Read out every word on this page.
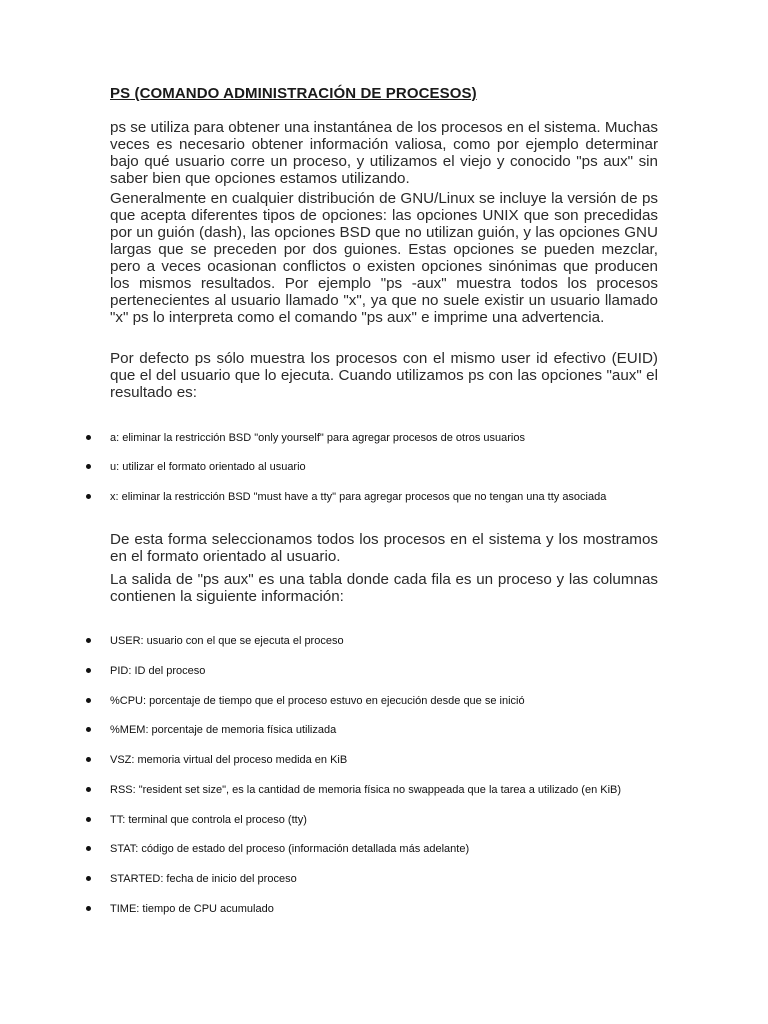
PS (COMANDO ADMINISTRACIÓN DE PROCESOS)
ps se utiliza para obtener una instantánea de los procesos en el sistema. Muchas veces es necesario obtener información valiosa, como por ejemplo determinar bajo qué usuario corre un proceso, y utilizamos el viejo y conocido "ps aux" sin saber bien que opciones estamos utilizando.
Generalmente en cualquier distribución de GNU/Linux se incluye la versión de ps que acepta diferentes tipos de opciones: las opciones UNIX que son precedidas por un guión (dash), las opciones BSD que no utilizan guión, y las opciones GNU largas que se preceden por dos guiones. Estas opciones se pueden mezclar, pero a veces ocasionan conflictos o existen opciones sinónimas que producen los mismos resultados. Por ejemplo "ps -aux" muestra todos los procesos pertenecientes al usuario llamado "x", ya que no suele existir un usuario llamado "x" ps lo interpreta como el comando "ps aux" e imprime una advertencia.
Por defecto ps sólo muestra los procesos con el mismo user id efectivo (EUID) que el del usuario que lo ejecuta. Cuando utilizamos ps con las opciones "aux" el resultado es:
a: eliminar la restricción BSD "only yourself" para agregar procesos de otros usuarios
u: utilizar el formato orientado al usuario
x: eliminar la restricción BSD "must have a tty" para agregar procesos que no tengan una tty asociada
De esta forma seleccionamos todos los procesos en el sistema y los mostramos en el formato orientado al usuario.
La salida de "ps aux" es una tabla donde cada fila es un proceso y las columnas contienen la siguiente información:
USER: usuario con el que se ejecuta el proceso
PID: ID del proceso
%CPU: porcentaje de tiempo que el proceso estuvo en ejecución desde que se inició
%MEM: porcentaje de memoria física utilizada
VSZ: memoria virtual del proceso medida en KiB
RSS: "resident set size", es la cantidad de memoria física no swappeada que la tarea a utilizado (en KiB)
TT: terminal que controla el proceso (tty)
STAT: código de estado del proceso (información detallada más adelante)
STARTED: fecha de inicio del proceso
TIME: tiempo de CPU acumulado
